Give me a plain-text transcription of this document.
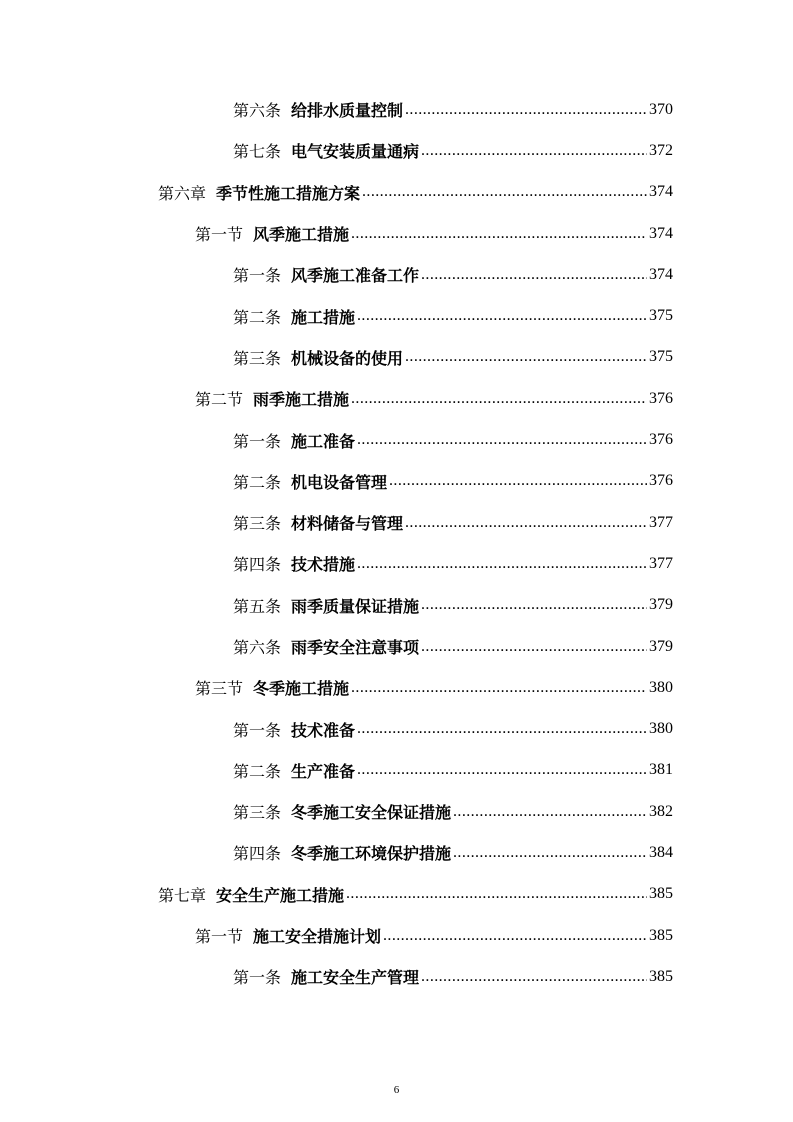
第六条 给排水质量控制 .....	370
第七条 电气安装质量通病 .....	372
第六章 季节性施工措施方案 .....	374
第一节 风季施工措施 .....	374
第一条 风季施工准备工作 .....	374
第二条 施工措施 .....	375
第三条 机械设备的使用 .....	375
第二节 雨季施工措施 .....	376
第一条 施工准备 .....	376
第二条 机电设备管理 .....	376
第三条 材料储备与管理 .....	377
第四条 技术措施 .....	377
第五条 雨季质量保证措施 .....	379
第六条 雨季安全注意事项 .....	379
第三节 冬季施工措施 .....	380
第一条 技术准备 .....	380
第二条 生产准备 .....	381
第三条 冬季施工安全保证措施 .....	382
第四条 冬季施工环境保护措施 .....	384
第七章 安全生产施工措施 .....	385
第一节 施工安全措施计划 .....	385
第一条 施工安全生产管理 .....	385
6
